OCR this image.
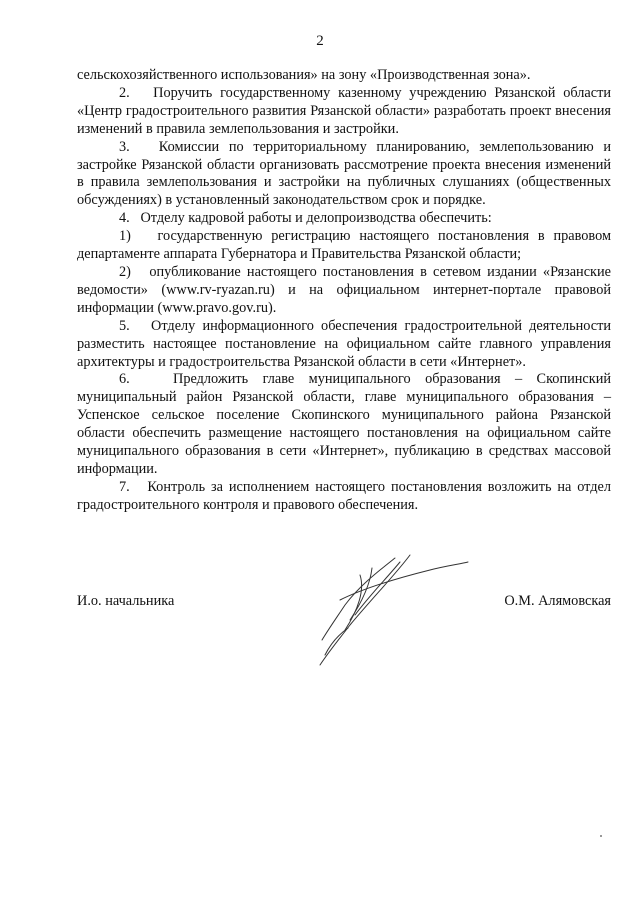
2

сельскохозяйственного использования» на зону «Производственная зона».

2.   Поручить государственному казенному учреждению Рязанской области «Центр градостроительного развития Рязанской области» разработать проект внесения изменений в правила землепользования и застройки.

3.   Комиссии по территориальному планированию, землепользованию и застройке Рязанской области организовать рассмотрение проекта внесения изменений в правила землепользования и застройки на публичных слушаниях (общественных обсуждениях) в установленный законодательством срок и порядке.

4.   Отделу кадровой работы и делопроизводства обеспечить:

1)   государственную регистрацию настоящего постановления в правовом департаменте аппарата Губернатора и Правительства Рязанской области;

2)   опубликование настоящего постановления в сетевом издании «Рязанские ведомости» (www.rv-ryazan.ru) и на официальном интернет-портале правовой информации (www.pravo.gov.ru).

5.   Отделу информационного обеспечения градостроительной деятельности разместить настоящее постановление на официальном сайте главного управления архитектуры и градостроительства Рязанской области в сети «Интернет».

6.   Предложить главе муниципального образования – Скопинский муниципальный район Рязанской области, главе муниципального образования – Успенское сельское поселение Скопинского муниципального района Рязанской области обеспечить размещение настоящего постановления на официальном сайте муниципального образования в сети «Интернет», публикацию в средствах массовой информации.

7.   Контроль за исполнением настоящего постановления возложить на отдел градостроительного контроля и правового обеспечения.

И.о. начальника	О.М. Алямовская
